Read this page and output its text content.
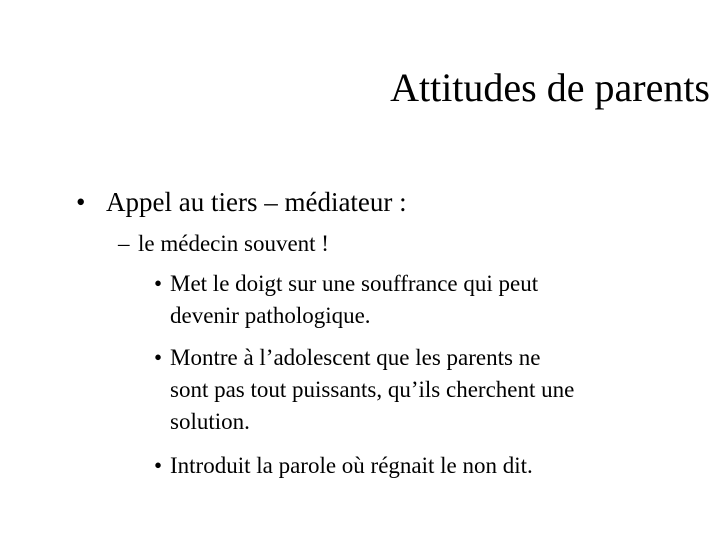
Attitudes de parents
• Appel au tiers – médiateur :
– le médecin souvent !
• Met le doigt sur une souffrance qui peut
devenir pathologique.
• Montre à l’adolescent que les parents ne
sont pas tout puissants, qu’ils cherchent une
solution.
• Introduit la parole où régnait le non dit.
